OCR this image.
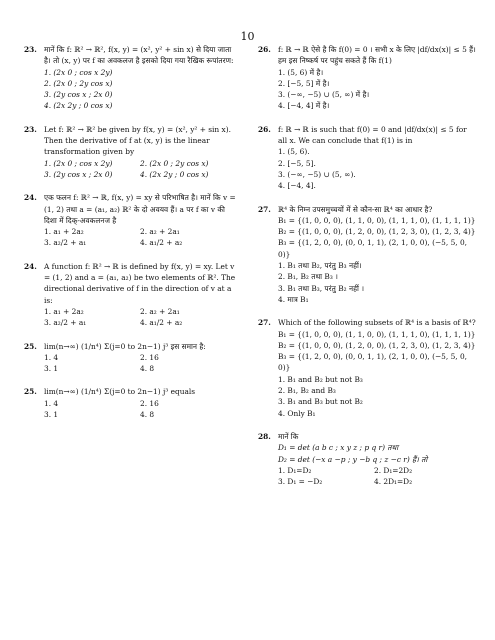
10
23. मानें कि f: ℝ² → ℝ², f(x, y) = (x², y² + sin x) से दिया जाता है। तो (x, y) पर f का अवकलज है इसको दिया गया रैखिक रूपांतरण:
1. (2x 0 ; cos x 2y)
2. (2x 0 ; 2y cos x)
3. (2y cos x ; 2x 0)
4. (2x 2y ; 0 cos x)
23. Let f: ℝ² → ℝ² be given by f(x, y) = (x², y² + sin x). Then the derivative of f at (x, y) is the linear transformation given by
1. (2x 0 ; cos x 2y)	2. (2x 0 ; 2y cos x)
3. (2y cos x ; 2x 0)	4. (2x 2y ; 0 cos x)
24. एक फलन f: ℝ² → ℝ, f(x, y) = xy से परिभाषित है। मानें कि v = (1, 2) तथा a = (a₁, a₂) ℝ² के दो अवयव हैं। a पर f का v की दिशा में दिक्-अवकलनज है
1. a₁ + 2a₂	2. a₂ + 2a₁
3. a₂/2 + a₁	4. a₁/2 + a₂
24. A function f: ℝ² → ℝ is defined by f(x, y) = xy. Let v = (1, 2) and a = (a₁, a₂) be two elements of ℝ². The directional derivative of f in the direction of v at a is:
1. a₁ + 2a₂	2. a₂ + 2a₁
3. a₂/2 + a₁	4. a₁/2 + a₂
25. lim(n→∞) (1/n⁴) Σ(j=0 to 2n−1) j³ इस समान है:
1. 4	2. 16
3. 1	4. 8
25. lim(n→∞) (1/n⁴) Σ(j=0 to 2n−1) j³ equals
1. 4	2. 16
3. 1	4. 8
26. f: ℝ → ℝ ऐसे है कि f(0) = 0 । सभी x के लिए |df/dx(x)| ≤ 5 हैं। हम इस निष्कर्ष पर पहुंच सकते हैं कि f(1)
1. (5, 6) में है।
2. [−5, 5] में है।
3. (−∞, −5) ∪ (5, ∞) में है।
4. [−4, 4] में है।
26. f: ℝ → ℝ is such that f(0) = 0 and |df/dx(x)| ≤ 5 for all x. We can conclude that f(1) is in
1. (5, 6).
2. [−5, 5].
3. (−∞, −5) ∪ (5, ∞).
4. [−4, 4].
27. ℝ⁴ के निम्न उपसमुच्चयों में से कौन-सा ℝ⁴ का आधार है?
B₁ = {(1, 0, 0, 0), (1, 1, 0, 0), (1, 1, 1, 0), (1, 1, 1, 1)}
B₂ = {(1, 0, 0, 0), (1, 2, 0, 0), (1, 2, 3, 0), (1, 2, 3, 4)}
B₃ = {(1, 2, 0, 0), (0, 0, 1, 1), (2, 1, 0, 0), (−5, 5, 0, 0)}
1. B₁ तथा B₂, परंतु B₃ नहीं।
2. B₁, B₂ तथा B₃ ।
3. B₁ तथा B₃, परंतु B₂ नहीं ।
4. मात्र B₁
27. Which of the following subsets of ℝ⁴ is a basis of ℝ⁴?
B₁ = {(1, 0, 0, 0), (1, 1, 0, 0), (1, 1, 1, 0), (1, 1, 1, 1)}
B₂ = {(1, 0, 0, 0), (1, 2, 0, 0), (1, 2, 3, 0), (1, 2, 3, 4)}
B₃ = {(1, 2, 0, 0), (0, 0, 1, 1), (2, 1, 0, 0), (−5, 5, 0, 0)}
1. B₁ and B₂ but not B₃
2. B₁, B₂ and B₃
3. B₁ and B₃ but not B₂
4. Only B₁
28. मानें कि
D₁ = det (a b c ; x y z ; p q r) तथा
D₂ = det (−x a −p ; y −b q ; z −c r) हैं। तो
1. D₁=D₂	2. D₁=2D₂
3. D₁ = −D₂	4. 2D₁=D₂
